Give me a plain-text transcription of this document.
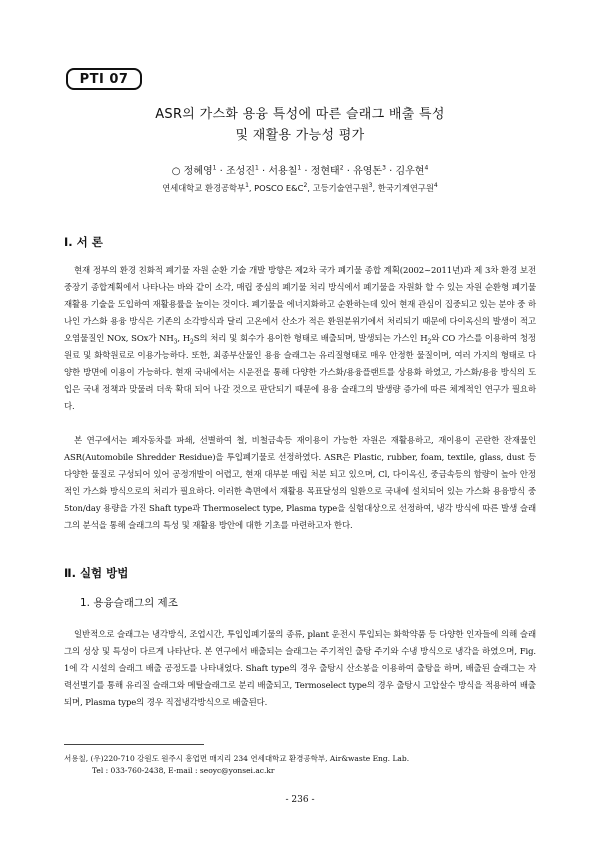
PTI 07
ASR의 가스화 용융 특성에 따른 슬래그 배출 특성
및 재활용 가능성 평가
○ 정혜영$^1$ · 조성진$^1$ · 서용칠$^1$ · 정현태$^2$ · 유영돈$^3$ · 김우현$^4$
연세대학교 환경공학부$^1$, POSCO $E\&C^2$, 고등기술연구원$^3$, 한국기계연구원$^4$
Ⅰ. 서 론
현재 정부의 환경 친화적 폐기물 자원 순환 기술 개발 방향은 제2차 국가 폐기물 종합 계획(2002~2011년)과 제 3차 환경 보전 중장기 종합계획에서 나타나는 바와 같이 소각, 매립 중심의 폐기물 처리 방식에서 폐기물을 자원화 할 수 있는 자원 순환형 폐기물 재활용 기술을 도입하여 재활용률을 높이는 것이다. 폐기물을 에너지화하고 순환하는데 있어 현재 관심이 집중되고 있는 분야 중 하나인 가스화 용융 방식은 기존의 소각방식과 달리 고온에서 산소가 적은 환원분위기에서 처리되기 때문에 다이옥신의 발생이 적고 오염물질인 NOx, SOx가 $NH_3$, $H_2S$의 처리 및 회수가 용이한 형태로 배출되며, 발생되는 가스인 $H_2$와 CO 가스를 이용하여 청정원료 및 화학원료로 이용가능하다. 또한, 최종부산물인 용융 슬래그는 유리질형태로 매우 안정한 물질이며, 여러 가지의 형태로 다양한 방면에 이용이 가능하다. 현재 국내에서는 시운전을 통해 다양한 가스화/용융플랜트를 상용화 하였고, 가스화/용융 방식의 도입은 국내 정책과 맞물려 더욱 확대 되어 나갈 것으로 판단되기 때문에 용융 슬래그의 발생량 증가에 따른 체계적인 연구가 필요하다.
본 연구에서는 폐자동차를 파쇄, 선별하여 철, 비철금속등 재이용이 가능한 자원은 재활용하고, 재이용이 곤란한 잔재물인 ASR(Automobile Shredder Residue)을 투입폐기물로 선정하였다. ASR은 Plastic, rubber, foam, textile, glass, dust 등 다양한 물질로 구성되어 있어 공정개발이 어렵고, 현재 대부분 매립 처분 되고 있으며, Cl, 다이옥신, 중금속등의 함량이 높아 안정적인 가스화 방식으로의 처리가 필요하다. 이러한 측면에서 재활용 목표달성의 일환으로 국내에 설치되어 있는 가스화 용융방식 중 5ton/day 용량을 가진 Shaft type과 Thermoselect type, Plasma type을 실험대상으로 선정하여, 냉각 방식에 따른 발생 슬래그의 분석을 통해 슬래그의 특성 및 재활용 방안에 대한 기초를 마련하고자 한다.
Ⅱ. 실험 방법
1. 용융슬래그의 제조
일반적으로 슬래그는 냉각방식, 조업시간, 투입입폐기물의 종류, plant 운전시 투입되는 화학약품 등 다양한 인자들에 의해 슬래그의 성상 및 특성이 다르게 나타난다. 본 연구에서 배출되는 슬래그는 주기적인 출탕 주기와 수냉 방식으로 냉각을 하였으며, Fig. 1에 각 시설의 슬래그 배출 공정도를 나타내었다. Shaft type의 경우 출탕시 산소봉을 이용하여 출탕을 하며, 배출된 슬래그는 자력선별기를 통해 유리질 슬래그와 메탈슬래그로 분리 배출되고, Termoselect type의 경우 출탕시 고압살수 방식을 적용하여 배출되며, Plasma type의 경우 직접냉각방식으로 배출된다.
서용칠, (우)220-710 강원도 원주시 흥업면 매지리 234 연세대학교 환경공학부, Air&waste Eng. Lab.
Tel : 033-760-2438, E-mail : seoyc@yonsei.ac.kr
- 236 -
